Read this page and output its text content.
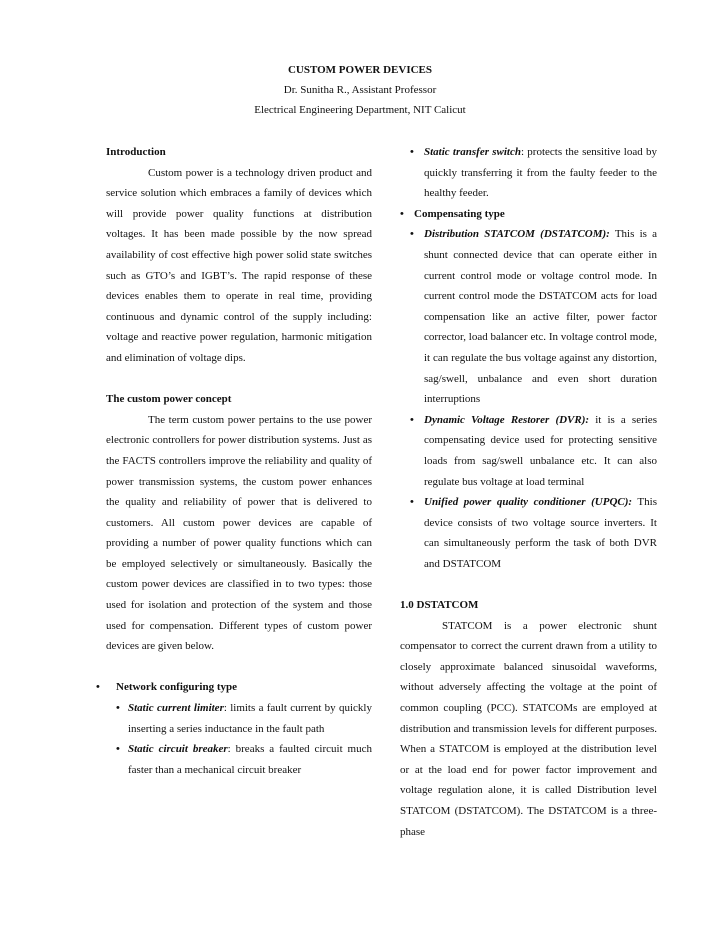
CUSTOM POWER DEVICES
Dr. Sunitha R., Assistant Professor
Electrical Engineering Department, NIT Calicut
Introduction

Custom power is a technology driven product and service solution which embraces a family of devices which will provide power quality functions at distribution voltages. It has been made possible by the now spread availability of cost effective high power solid state switches such as GTO’s and IGBT’s. The rapid response of these devices enables them to operate in real time, providing continuous and dynamic control of the supply including: voltage and reactive power regulation, harmonic mitigation and elimination of voltage dips.

The custom power concept

The term custom power pertains to the use power electronic controllers for power distribution systems. Just as the FACTS controllers improve the reliability and quality of power transmission systems, the custom power enhances the quality and reliability of power that is delivered to customers. All custom power devices are capable of providing a number of power quality functions which can be employed selectively or simultaneously. Basically the custom power devices are classified in to two types: those used for isolation and protection of the system and those used for compensation. Different types of custom power devices are given below.

• Network configuring type
• Static current limiter: limits a fault current by quickly inserting a series inductance in the fault path
• Static circuit breaker: breaks a faulted circuit much faster than a mechanical circuit breaker
• Static transfer switch: protects the sensitive load by quickly transferring it from the faulty feeder to the healthy feeder.
• Compensating type
• Distribution STATCOM (DSTATCOM): This is a shunt connected device that can operate either in current control mode or voltage control mode. In current control mode the DSTATCOM acts for load compensation like an active filter, power factor corrector, load balancer etc. In voltage control mode, it can regulate the bus voltage against any distortion, sag/swell, unbalance and even short duration interruptions
• Dynamic Voltage Restorer (DVR): it is a series compensating device used for protecting sensitive loads from sag/swell unbalance etc. It can also regulate bus voltage at load terminal
• Unified power quality conditioner (UPQC): This device consists of two voltage source inverters. It can simultaneously perform the task of both DVR and DSTATCOM
1.0 DSTATCOM

STATCOM is a power electronic shunt compensator to correct the current drawn from a utility to closely approximate balanced sinusoidal waveforms, without adversely affecting the voltage at the point of common coupling (PCC). STATCOMs are employed at distribution and transmission levels for different purposes. When a STATCOM is employed at the distribution level or at the load end for power factor improvement and voltage regulation alone, it is called Distribution level STATCOM (DSTATCOM). The DSTATCOM is a three-phase
